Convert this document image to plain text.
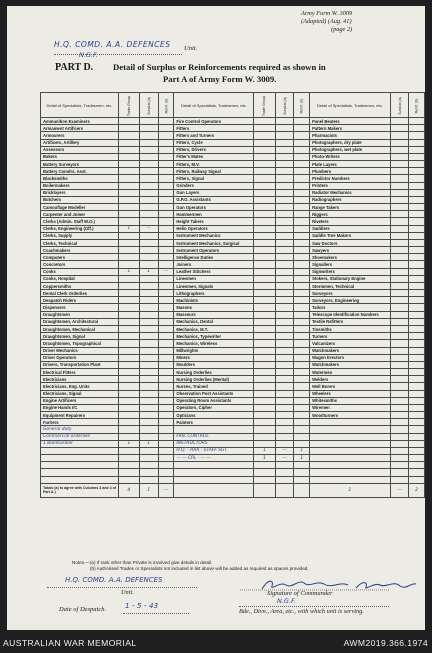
Army Form W. 3009
(Adapted) (Aug. 41)
(page 2)
H.Q. COMD. A.A. DEFENCES
N.G.F.
Unit.
PART D. Detail of Surplus or Reinforcements required as shown in
Part A of Army Form W. 3009.
Detail of Specialists, Tradesmen, etc.	Trade Group	Surplus (a)	Reinf. (b)	Detail of Specialists, Tradesmen, etc.	Trade Group	Surplus (a)	Reinf. (b)	Detail of Specialists, Tradesmen, etc.	Surplus (a)	Reinf. (b)
Ammunition Examiners				Fire Control Operators				Panel Beaters		
Armament Artificers				Fitters				Pattern Makers		
Armourers				Fitters and Turners				Pharmacists		
Artificers, Artillery				Fitters, Cycle				Photographers, dry plate		
Assessors				Fitters, Drivers				Photographers, wet plate		
Bakers				Fitter's Mates				Photo-Writers		
Battery Surveyors				Fitters, M.V.				Plate Layers		
Battery Comdrs. Asst.				Fitters, Railway Signal				Plumbers		
Blacksmiths				Fitters, Signal				Predictor Numbers		
Boilermakers				Grinders				Printers		
Bricklayers				Gun Layers				Radiator Mechanics		
Butchers				G.P.O. Assistants				Radiographers		
Camouflage Modeller				Gun Operators				Range Takers		
Carpenter and Joiner				Hammermen				Riggers		
Clerks (Admin. Staff W.O.)				Height Takers				Riveters		
Clerks, Engineering (Off.)	1	—		Helio Operators				Saddlers		
Clerks, Supply				Instrument Mechanics				Saddle Tree Makers		
Clerks, Technical				Instrument Mechanics, Surgical				Saw Doctors		
Coachmakers				Instrument Operators				Sawyers		
Computers				Intelligence Duties				Shoemakers		
Concretors				Joiners				Signallers		
Cooks	1	1	—	Leather Stitchers				Signwriters		
Cooks, Hospital				Linesmen				Stokers, Stationary Engine		
Coppersmiths				Linesmen, Signals				Stormmen, Technical		
Dental Clerk Orderlies				Lithographers				Surveyors		
Despatch Riders				Machinists				Surveyors, Engineering		
Dispensers				Masons				Tailors		
Draughtsmen				Masseurs				Telescope Identification Numbers		
Draughtsmen, Architectural				Mechanics, Dental				Textile Refitters		
Draughtsmen, Mechanical				Mechanics, M.T.				Tinsmiths		
Draughtsmen, Signal				Mechanics, Typewriter				Turners		
Draughtsmen, Topographical				Mechanics, Wireless				Vulcanizers		
Driver Mechanics				Millwrights				Watchmakers		
Driver Operators				Miners				Wagon Erectors		
Drivers, Transportation Plant				Moulders				Watchmakers		
Electrical Fitters				Nursing Orderlies				Watermen		
Electricians				Nursing Orderlies (Mental)				Welders		
Electricians, Eng. Units				Nurses, Trained				Well Borers		
Electricians, Signal				Observation Post Assistants				Wheelers		
Engine Artificers				Operating Room Assistants				Whitesmiths		
Engine Hands I/C				Operators, Cipher				Wiremen		
Equipment Repairers				Opticians				Woodturners		
Farriers				Painters						
General duty										
Commercial orderlies				FIRE CONTROL						
1 Bombardier	1	1		INSTRUCTORS						
				H.Q. - RAA - STAFF SGT	1	—	1			
				— — CPL - — —	1	—	1			

Totals (a) to agree with Columns 3 and 4 of Part A.)	4	1	—					1	—	2
Notes.—(a) If rank other than Private is involved give details in detail.
(b) Authorised Trades or Specialists not included in list above will be added as required as spaces provided.
H.Q. COMD. A.A. DEFENCES
Unit.	Signature of Commander
N.G.F.
Bde., Divn., Area, etc., with which unit is serving.
Date of Despatch.	1 - 5 - 43
AUSTRALIAN WAR MEMORIAL	AWM2019.366.1974
